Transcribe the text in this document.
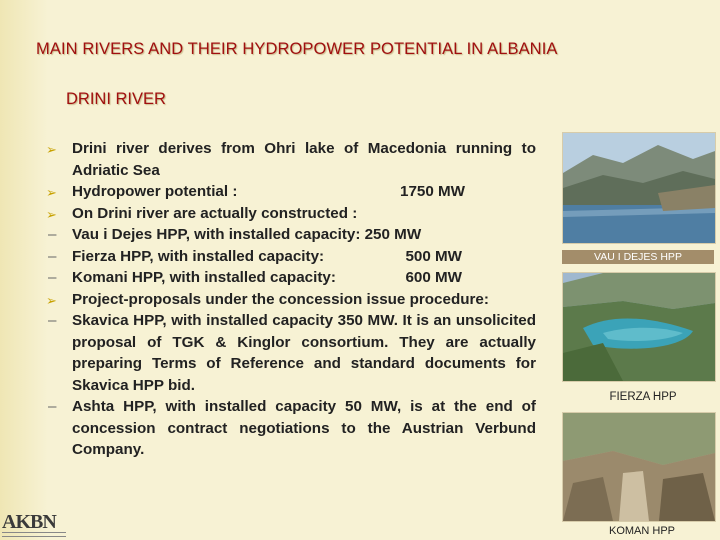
MAIN RIVERS AND THEIR HYDROPOWER POTENTIAL IN ALBANIA
DRINI RIVER
➢ Drini river derives from Ohri lake of Macedonia running to Adriatic Sea
➢ Hydropower potential :	1750 MW
➢ On Drini river are actually constructed :
–	Vau i Dejes HPP, with installed capacity: 250 MW
–	Fierza HPP, with installed capacity:	500 MW
–	Komani HPP, with installed capacity:	600 MW
➢ Project-proposals under the concession issue procedure:
–	Skavica HPP, with installed capacity 350 MW. It is an unsolicited proposal of TGK & Kinglor consortium. They are actually preparing Terms of Reference and standard documents for Skavica HPP bid.
–	Ashta HPP, with installed capacity 50 MW, is at the end of concession contract negotiations to the Austrian Verbund Company.
VAU I DEJES HPP
FIERZA HPP
KOMAN HPP
AKBN
